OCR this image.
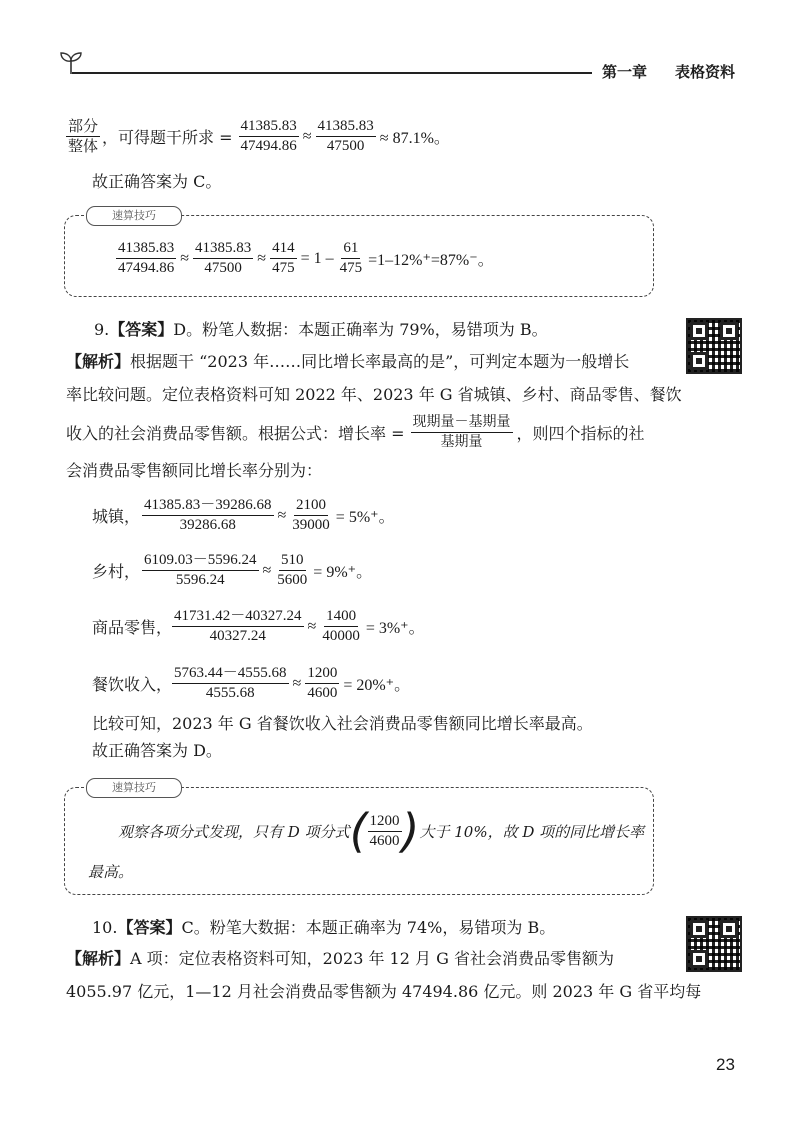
第一章 表格资料
$\frac{\text{部分}}{\text{整体}}$ ，可得题干所求 = $\frac{41385.83}{47494.86} \approx \frac{41385.83}{47500} \approx 87.1\%$。
故正确答案为 C。
速算技巧
$\frac{41385.83}{47494.86} \approx \frac{41385.83}{47500} \approx \frac{414}{475} = 1 - \frac{61}{475} =1-12\%^+=87\%^-$。
9.【答案】D。粉笔人数据：本题正确率为 79%，易错项为 B。
【解析】根据题干 “2023 年……同比增长率最高的是”，可判定本题为一般增长
率比较问题。定位表格资料可知 2022 年、2023 年 G 省城镇、乡村、商品零售、餐饮
收入的社会消费品零售额。根据公式：增长率 = $\frac{\text{现期量－基期量}}{\text{基期量}}$ ，则四个指标的社
会消费品零售额同比增长率分别为：
城镇， $\frac{41385.83-39286.68}{39286.68} \approx \frac{2100}{39000} = 5\%^+$。
乡村， $\frac{6109.03-5596.24}{5596.24} \approx \frac{510}{5600} = 9\%^+$。
商品零售， $\frac{41731.42-40327.24}{40327.24} \approx \frac{1400}{40000} = 3\%^+$。
餐饮收入， $\frac{5763.44-4555.68}{4555.68} \approx \frac{1200}{4600} = 20\%^+$。
比较可知，2023 年 G 省餐饮收入社会消费品零售额同比增长率最高。
故正确答案为 D。
速算技巧
观察各项分式发现，只有 D 项分式 ( $\frac{1200}{4600}$ ) 大于 10%，故 D 项的同比增长率
最高。
10.【答案】C。粉笔大数据：本题正确率为 74%，易错项为 B。
【解析】A 项：定位表格资料可知，2023 年 12 月 G 省社会消费品零售额为
4055.97 亿元，1—12 月社会消费品零售额为 47494.86 亿元。则 2023 年 G 省平均每
23
